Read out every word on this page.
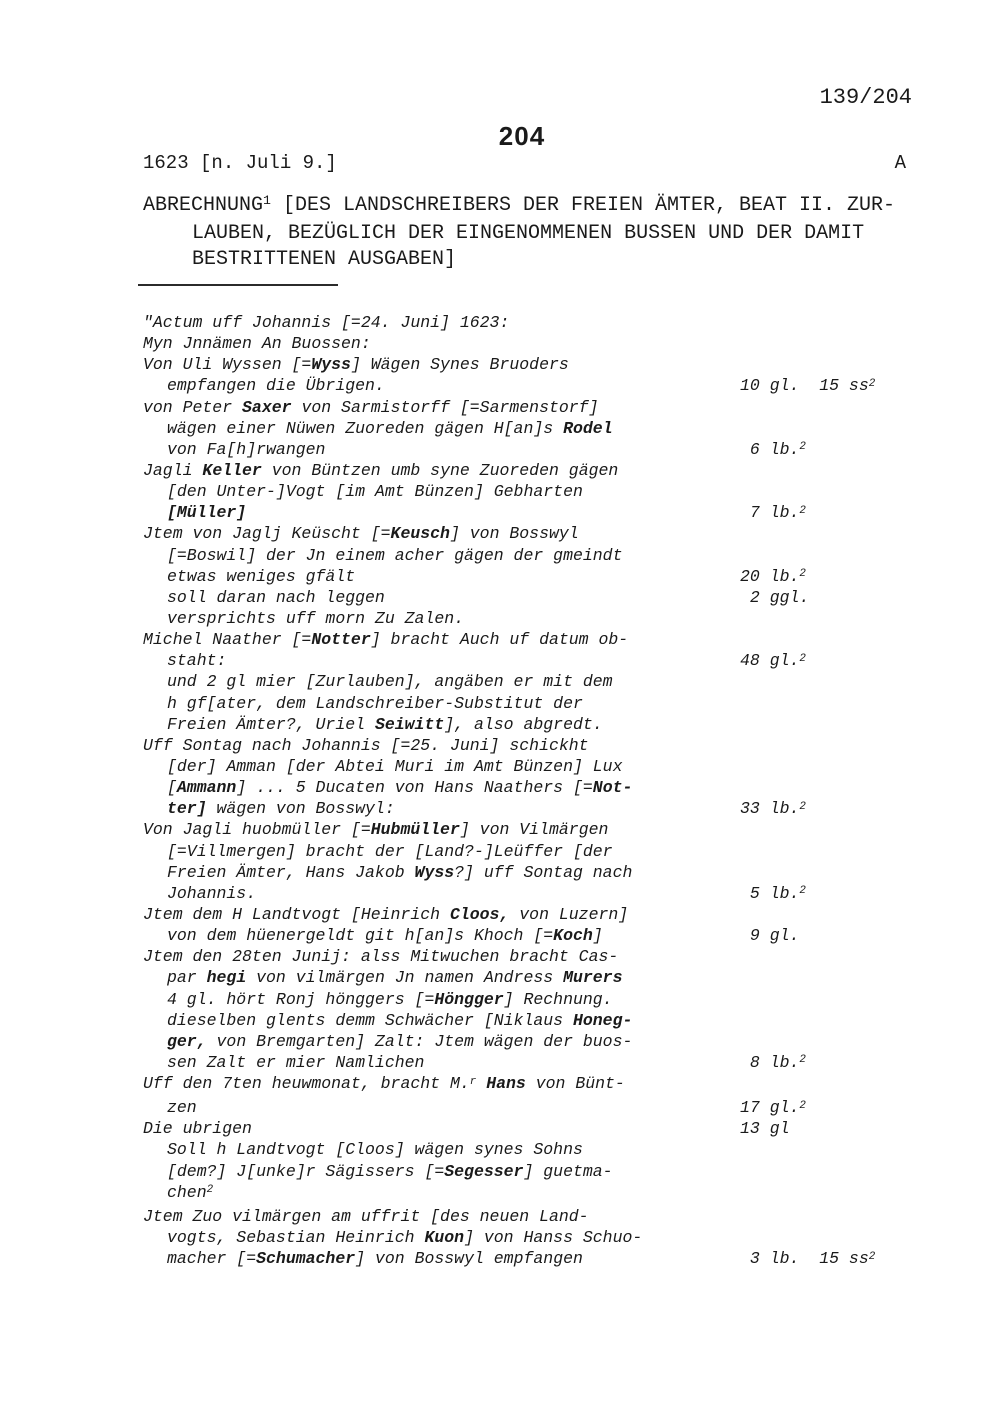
139/204
204
1623 [n. Juli 9.]	A
ABRECHNUNG$^1$ [DES LANDSCHREIBERS DER FREIEN ÄMTER, BEAT II. ZUR-
LAUBEN, BEZÜGLICH DER EINGENOMMENEN BUSSEN UND DER DAMIT
BESTRITTENEN AUSGABEN]
"Actum uff Johannis [=24. Juni] 1623:
Myn Jnnämen An Buossen:
Von Uli Wyssen [=Wyss] Wägen Synes Bruoders
empfangen die Übrigen.	10 gl.  15 $ss^2$
von Peter Saxer von Sarmistorff [=Sarmenstorf]
wägen einer Nüwen Zuoreden gägen H[an]s Rodel
von Fa[h]rwangen	6 lb.$^2$
Jagli Keller von Büntzen umb syne Zuoreden gägen
[den Unter-]Vogt [im Amt Bünzen] Gebharten
[Müller]	7 lb.$^2$
Jtem von Jaglj Keüscht [=Keusch] von Bosswyl
[=Boswil] der Jn einem acher gägen der gmeindt
etwas weniges gfält	20 lb.$^2$
soll daran nach leggen	2 ggl.
versprichts uff morn Zu Zalen.
Michel Naather [=Notter] bracht Auch uf datum ob-
staht:	48 gl.$^2$
und 2 gl mier [Zurlauben], angäben er mit dem
h gf[ater, dem Landschreiber-Substitut der
Freien Ämter?, Uriel Seiwitt], also abgredt.
Uff Sontag nach Johannis [=25. Juni] schickht
[der] Amman [der Abtei Muri im Amt Bünzen] Lux
[Ammann] ... 5 Ducaten von Hans Naathers [=Not-
ter] wägen von Bosswyl:	33 lb.$^2$
Von Jagli huobmüller [=Hubmüller] von Vilmärgen
[=Villmergen] bracht der [Land?-]Leüffer [der
Freien Ämter, Hans Jakob Wyss?] uff Sontag nach
Johannis.	5 lb.$^2$
Jtem dem H Landtvogt [Heinrich Cloos, von Luzern]
von dem hüenergeldt git h[an]s Khoch [=Koch]	9 gl.
Jtem den 28ten Junij: alss Mitwuchen bracht Cas-
par hegi von vilmärgen Jn namen Andress Murers
4 gl. hört Ronj hönggers [=Höngger] Rechnung.
dieselben glents demm Schwächer [Niklaus Honeg-
ger, von Bremgarten] Zalt: Jtem wägen der buos-
sen Zalt er mier Namlichen	8 lb.$^2$
Uff den 7ten heuwmonat, bracht M.$^r$ Hans von Bünt-
zen	17 gl.$^2$
Die ubrigen	13 gl
Soll h Landtvogt [Cloos] wägen synes Sohns
[dem?] J[unke]r Sägissers [=Segesser] guetma-
chen$^2$
Jtem Zuo vilmärgen am uffrit [des neuen Land-
vogts, Sebastian Heinrich Kuon] von Hanss Schuo-
macher [=Schumacher] von Bosswyl empfangen	3 lb.  15 $ss^2$
